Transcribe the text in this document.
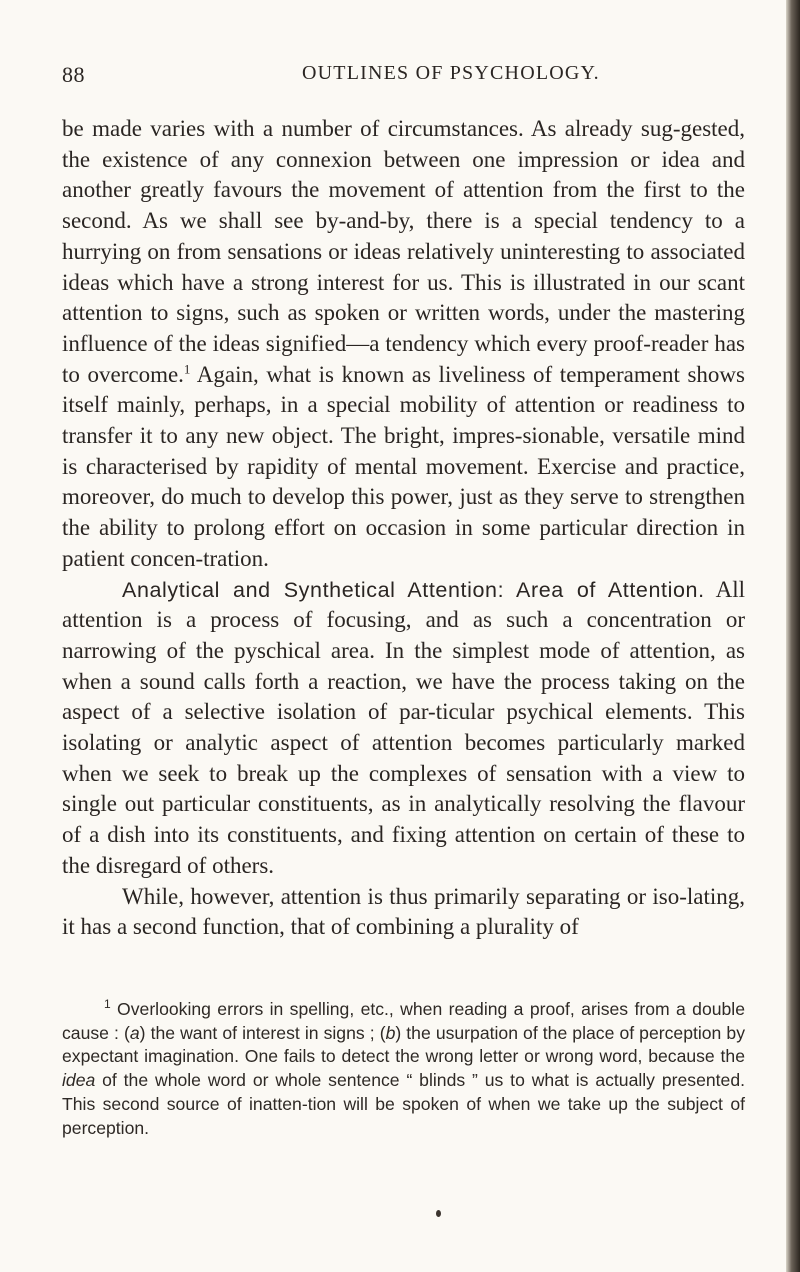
88	OUTLINES OF PSYCHOLOGY.

be made varies with a number of circumstances. As already sug-gested, the existence of any connexion between one impression or idea and another greatly favours the movement of attention from the first to the second. As we shall see by-and-by, there is a special tendency to a hurrying on from sensations or ideas relatively uninteresting to associated ideas which have a strong interest for us. This is illustrated in our scant attention to signs, such as spoken or written words, under the mastering influence of the ideas signified—a tendency which every proof-reader has to overcome.$^1$ Again, what is known as liveliness of temperament shows itself mainly, perhaps, in a special mobility of attention or readiness to transfer it to any new object. The bright, impres-sionable, versatile mind is characterised by rapidity of mental movement. Exercise and practice, moreover, do much to develop this power, just as they serve to strengthen the ability to prolong effort on occasion in some particular direction in patient concen-tration.

Analytical and Synthetical Attention: Area of Attention. All attention is a process of focusing, and as such a concentration or narrowing of the pyschical area. In the simplest mode of attention, as when a sound calls forth a reaction, we have the process taking on the aspect of a selective isolation of par-ticular psychical elements. This isolating or analytic aspect of attention becomes particularly marked when we seek to break up the complexes of sensation with a view to single out particular constituents, as in analytically resolving the flavour of a dish into its constituents, and fixing attention on certain of these to the disregard of others.

While, however, attention is thus primarily separating or iso-lating, it has a second function, that of combining a plurality of

$^1$ Overlooking errors in spelling, etc., when reading a proof, arises from a double cause : (a) the want of interest in signs ; (b) the usurpation of the place of perception by expectant imagination. One fails to detect the wrong letter or wrong word, because the idea of the whole word or whole sentence “ blinds ” us to what is actually presented. This second source of inatten-tion will be spoken of when we take up the subject of perception.
